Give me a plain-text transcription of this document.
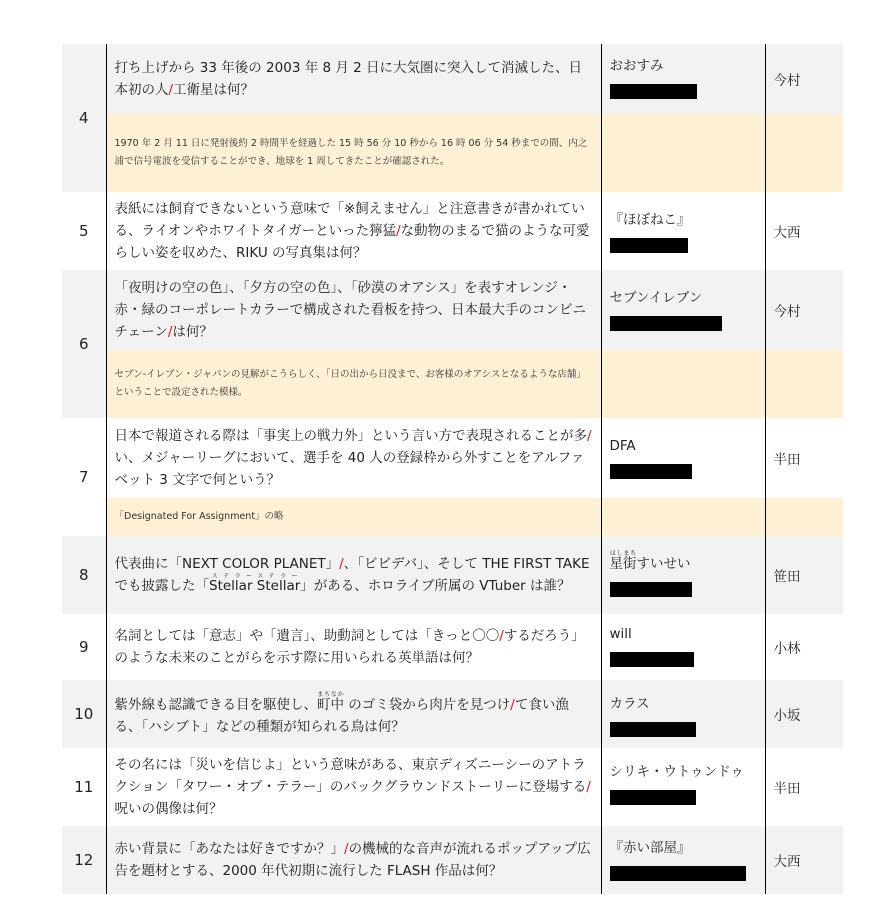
4	打ち上げから 33 年後の 2003 年 8 月 2 日に大気圏に突入して消滅した、日本初の人/工衛星は何？	おおすみ	今村
	1970 年 2 月 11 日に発射後約 2 時間半を経過した 15 時 56 分 10 秒から 16 時 06 分 54 秒までの間、内之浦で信号電波を受信することができ、地球を 1 周してきたことが確認された。		
5	表紙には飼育できないという意味で「※飼えません」と注意書きが書かれている、ライオンやホワイトタイガーといった獰猛/な動物のまるで猫のような可愛らしい姿を収めた、RIKU の写真集は何？	『ほぼねこ』	大西
6	「夜明けの空の色」、「夕方の空の色」、「砂漠のオアシス」を表すオレンジ・赤・緑のコーポレートカラーで構成された看板を持つ、日本最大手のコンビニチェーン/は何？	セブンイレブン	今村
	セブン-イレブン・ジャパンの見解がこうらしく、「日の出から日没まで、お客様のオアシスとなるような店舗」ということで設定された模様。		
7	日本で報道される際は「事実上の戦力外」という言い方で表現されることが多/い、メジャーリーグにおいて、選手を 40 人の登録枠から外すことをアルファベット 3 文字で何という？	DFA	半田
	「Designated For Assignment」の略		
8	代表曲に「NEXT COLOR PLANET」/、「ビビデバ」、そして THE FIRST TAKE でも披露した「Stellar Stellarステラーステラー」がある、ホロライブ所属の VTuber は誰？	星街ほしまちすいせい	笹田
9	名詞としては「意志」や「遺言」、助動詞としては「きっと〇〇/するだろう」のような未来のことがらを示す際に用いられる英単語は何？	will	小林
10	紫外線も認識できる目を駆使し、町中まちなか のゴミ袋から肉片を見つけ/て食い漁る、「ハシブト」などの種類が知られる鳥は何？	カラス	小坂
11	その名には「災いを信じよ」という意味がある、東京ディズニーシーのアトラクション「タワー・オブ・テラー」のバックグラウンドストーリーに登場する/呪いの偶像は何？	シリキ・ウトゥンドゥ	半田
12	赤い背景に「あなたは好きですか？」/の機械的な音声が流れるポップアップ広告を題材とする、2000 年代初期に流行した FLASH 作品は何？	『赤い部屋』	大西
